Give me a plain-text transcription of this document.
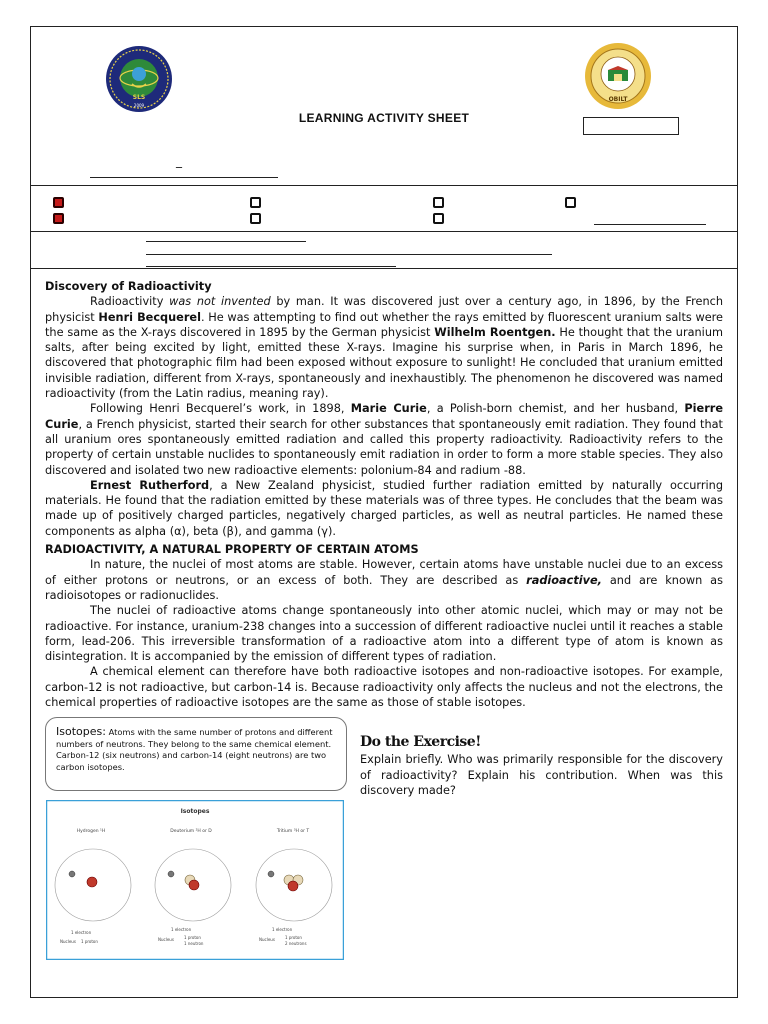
SLS
2009
OBILT
LEARNING ACTIVITY SHEET
_

Discovery of Radioactivity

Radioactivity was not invented by man. It was discovered just over a century ago, in 1896, by the French physicist Henri Becquerel. He was attempting to find out whether the rays emitted by fluorescent uranium salts were the same as the X-rays discovered in 1895 by the German physicist Wilhelm Roentgen. He thought that the uranium salts, after being excited by light, emitted these X-rays. Imagine his surprise when, in Paris in March 1896, he discovered that photographic film had been exposed without exposure to sunlight! He concluded that uranium emitted invisible radiation, different from X-rays, spontaneously and inexhaustibly. The phenomenon he discovered was named radioactivity (from the Latin radius, meaning ray).

Following Henri Becquerel’s work, in 1898, Marie Curie, a Polish-born chemist, and her husband, Pierre Curie, a French physicist, started their search for other substances that spontaneously emit radiation. They found that all uranium ores spontaneously emitted radiation and called this property radioactivity. Radioactivity refers to the property of certain unstable nuclides to spontaneously emit radiation in order to form a more stable species. They also discovered and isolated two new radioactive elements: polonium-84 and radium -88.

Ernest Rutherford, a New Zealand physicist, studied further radiation emitted by naturally occurring materials. He found that the radiation emitted by these materials was of three types. He concludes that the beam was made up of positively charged particles, negatively charged particles, as well as neutral particles. He named these components as alpha (α), beta (β), and gamma (γ).

RADIOACTIVITY, A NATURAL PROPERTY OF CERTAIN ATOMS

In nature, the nuclei of most atoms are stable. However, certain atoms have unstable nuclei due to an excess of either protons or neutrons, or an excess of both. They are described as radioactive, and are known as radioisotopes or radionuclides.

The nuclei of radioactive atoms change spontaneously into other atomic nuclei, which may or may not be radioactive. For instance, uranium-238 changes into a succession of different radioactive nuclei until it reaches a stable form, lead-206. This irreversible transformation of a radioactive atom into a different type of atom is known as disintegration. It is accompanied by the emission of different types of radiation.

A chemical element can therefore have both radioactive isotopes and non-radioactive isotopes. For example, carbon-12 is not radioactive, but carbon-14 is. Because radioactivity only affects the nucleus and not the electrons, the chemical properties of radioactive isotopes are the same as those of stable isotopes.

Isotopes: Atoms with the same number of protons and different numbers of neutrons. They belong to the same chemical element. Carbon-12 (six neutrons) and carbon-14 (eight neutrons) are two carbon isotopes.
Do the Exercise!

Explain briefly. Who was primarily responsible for the discovery of radioactivity? Explain his contribution. When was this discovery made?

Isotopes
Hydrogen ¹H
1 electron
Nucleus 1 proton
Deuterium ²H or D
1 electron
Nucleus	1 proton
1 neutron
Tritium ³H or T
1 electron
Nucleus	1 proton
2 neutrons
